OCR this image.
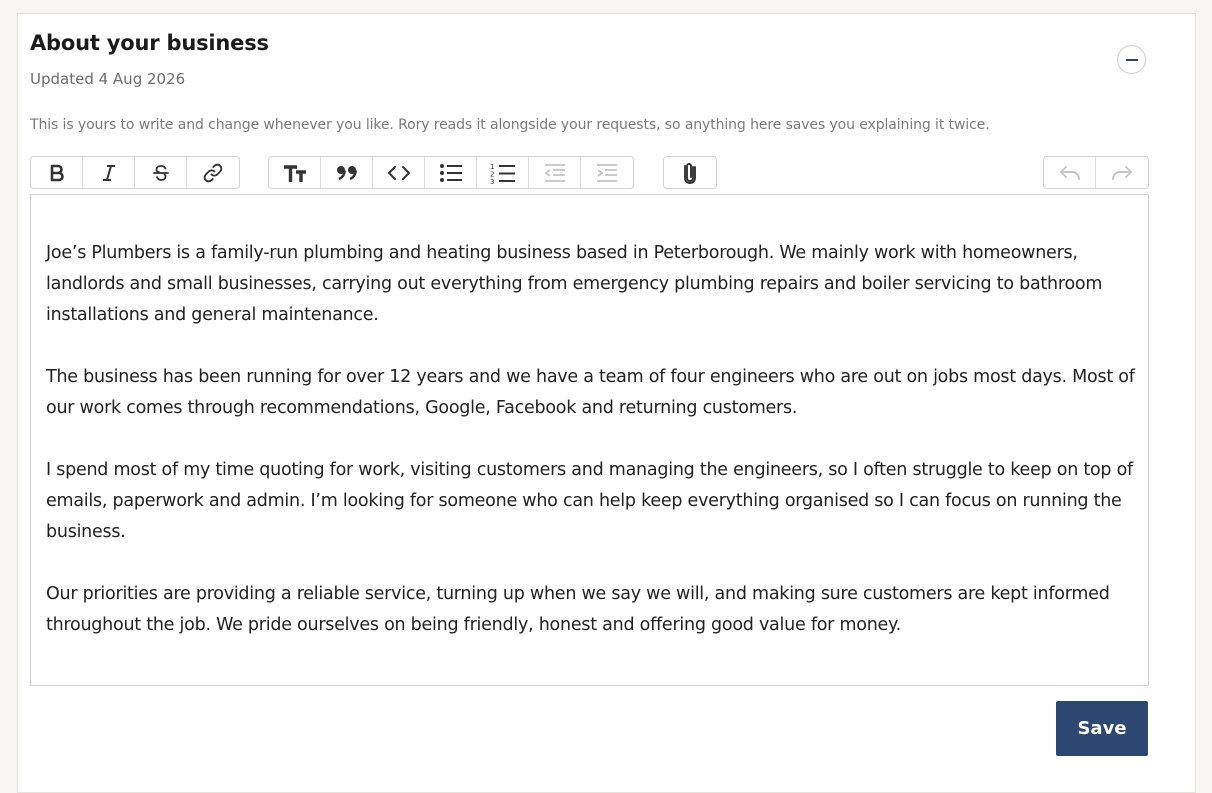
About your business
Updated 4 Aug 2026
This is yours to write and change whenever you like. Rory reads it alongside your requests, so anything here saves you explaining it twice.
1
2
3

Joe’s Plumbers is a family-run plumbing and heating business based in Peterborough. We mainly work with homeowners, landlords and small businesses, carrying out everything from emergency plumbing repairs and boiler servicing to bathroom installations and general maintenance.

The business has been running for over 12 years and we have a team of four engineers who are out on jobs most days. Most of our work comes through recommendations, Google, Facebook and returning customers.

I spend most of my time quoting for work, visiting customers and managing the engineers, so I often struggle to keep on top of emails, paperwork and admin. I’m looking for someone who can help keep everything organised so I can focus on running the business.

Our priorities are providing a reliable service, turning up when we say we will, and making sure customers are kept informed throughout the job. We pride ourselves on being friendly, honest and offering good value for money.

Save
